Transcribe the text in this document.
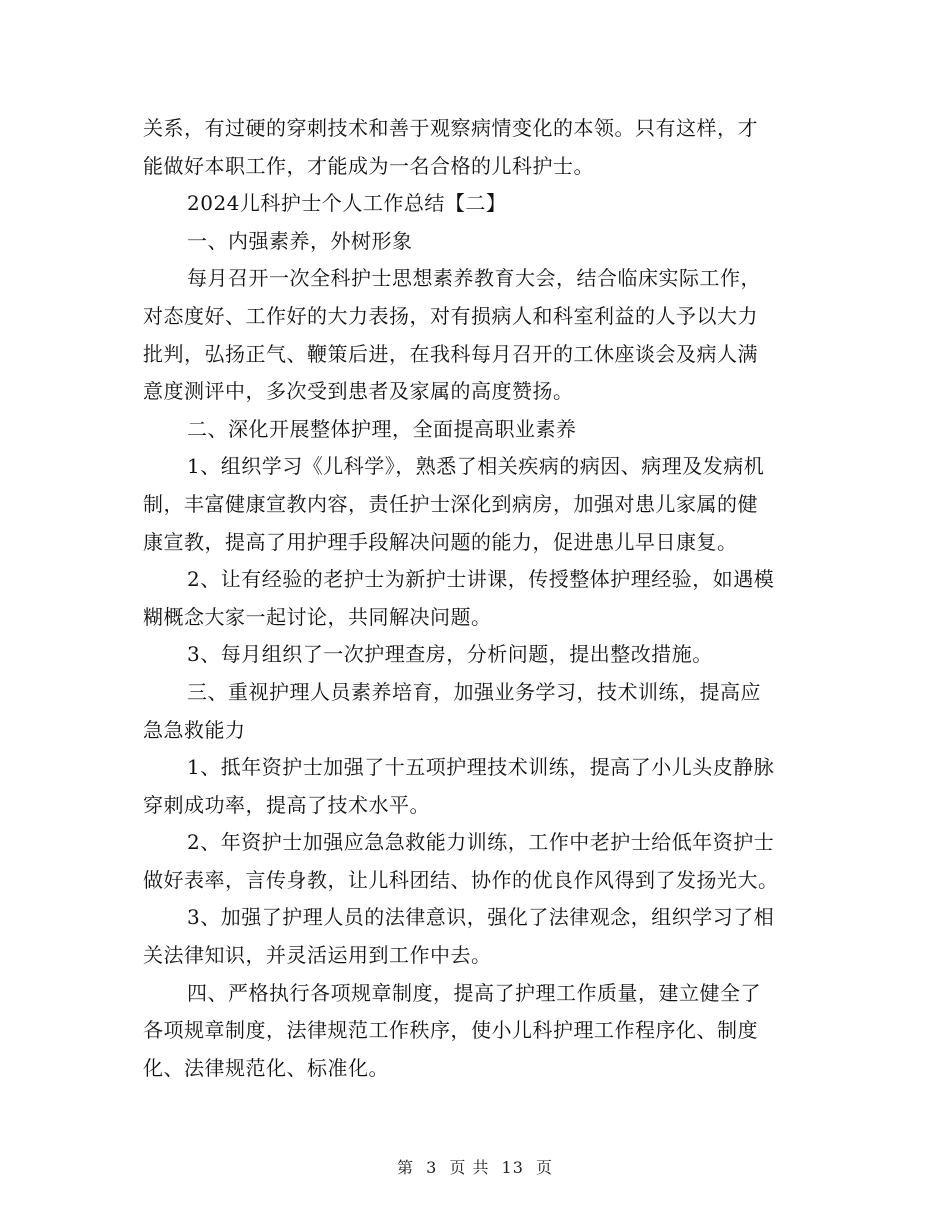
关系，有过硬的穿刺技术和善于观察病情变化的本领。只有这样，才
能做好本职工作，才能成为一名合格的儿科护士。
2024儿科护士个人工作总结【二】
一、内强素养，外树形象
每月召开一次全科护士思想素养教育大会，结合临床实际工作，
对态度好、工作好的大力表扬，对有损病人和科室利益的人予以大力
批判，弘扬正气、鞭策后进，在我科每月召开的工休座谈会及病人满
意度测评中，多次受到患者及家属的高度赞扬。
二、深化开展整体护理，全面提高职业素养
1、组织学习《儿科学》，熟悉了相关疾病的病因、病理及发病机
制，丰富健康宣教内容，责任护士深化到病房，加强对患儿家属的健
康宣教，提高了用护理手段解决问题的能力，促进患儿早日康复。
2、让有经验的老护士为新护士讲课，传授整体护理经验，如遇模
糊概念大家一起讨论，共同解决问题。
3、每月组织了一次护理查房，分析问题，提出整改措施。
三、重视护理人员素养培育，加强业务学习，技术训练，提高应
急急救能力
1、抵年资护士加强了十五项护理技术训练，提高了小儿头皮静脉
穿刺成功率，提高了技术水平。
2、年资护士加强应急急救能力训练，工作中老护士给低年资护士
做好表率，言传身教，让儿科团结、协作的优良作风得到了发扬光大。
3、加强了护理人员的法律意识，强化了法律观念，组织学习了相
关法律知识，并灵活运用到工作中去。
四、严格执行各项规章制度，提高了护理工作质量，建立健全了
各项规章制度，法律规范工作秩序，使小儿科护理工作程序化、制度
化、法律规范化、标准化。
第 3 页 共 13 页
